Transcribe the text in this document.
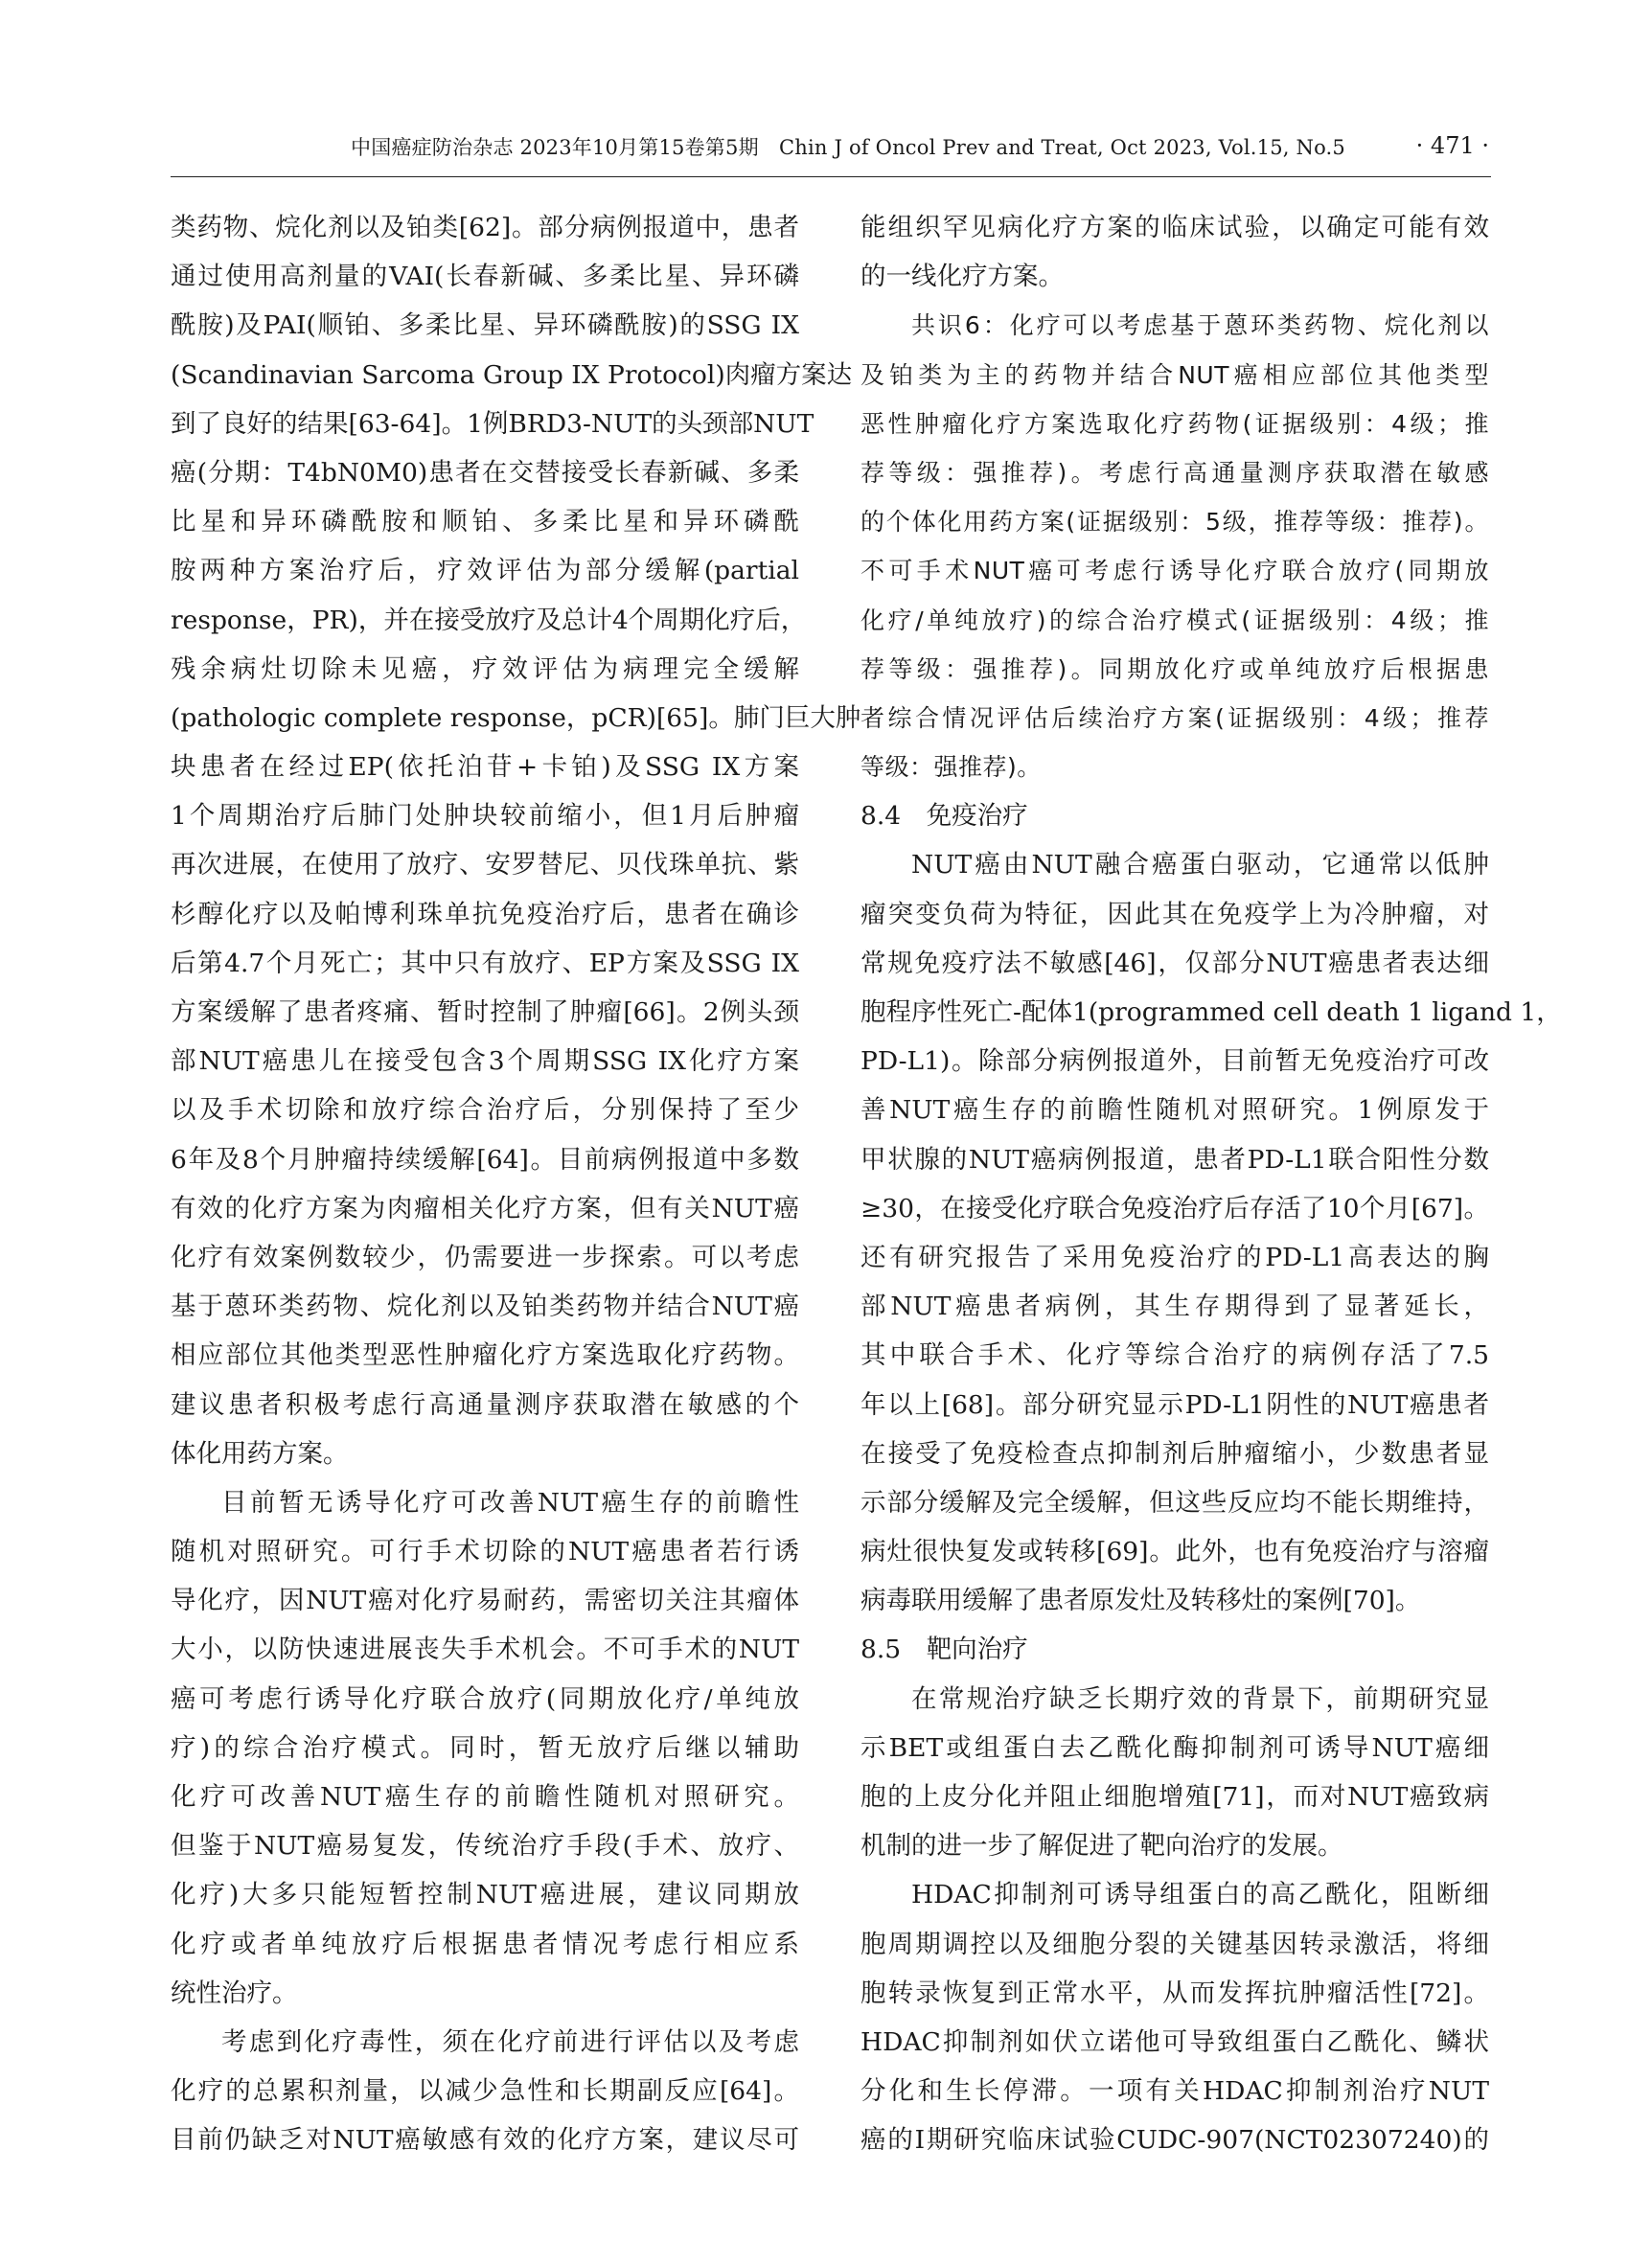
中国癌症防治杂志 2023年10月第15卷第5期　Chin J of Oncol Prev and Treat, Oct 2023, Vol.15, No.5	· 471 ·
类药物、烷化剂以及铂类[62]。部分病例报道中，患者
通过使用高剂量的VAI(长春新碱、多柔比星、异环磷
酰胺)及PAI(顺铂、多柔比星、异环磷酰胺)的SSG IX
(Scandinavian Sarcoma Group IX Protocol)肉瘤方案达
到了良好的结果[63-64]。1例BRD3-NUT的头颈部NUT
癌(分期：T4bN0M0)患者在交替接受长春新碱、多柔
比星和异环磷酰胺和顺铂、多柔比星和异环磷酰
胺两种方案治疗后，疗效评估为部分缓解(partial
response，PR)，并在接受放疗及总计4个周期化疗后，
残余病灶切除未见癌，疗效评估为病理完全缓解
(pathologic complete response，pCR)[65]。肺门巨大肿
块患者在经过EP(依托泊苷+卡铂)及SSG IX方案
1个周期治疗后肺门处肿块较前缩小，但1月后肿瘤
再次进展，在使用了放疗、安罗替尼、贝伐珠单抗、紫
杉醇化疗以及帕博利珠单抗免疫治疗后，患者在确诊
后第4.7个月死亡；其中只有放疗、EP方案及SSG IX
方案缓解了患者疼痛、暂时控制了肿瘤[66]。2例头颈
部NUT癌患儿在接受包含3个周期SSG IX化疗方案
以及手术切除和放疗综合治疗后，分别保持了至少
6年及8个月肿瘤持续缓解[64]。目前病例报道中多数
有效的化疗方案为肉瘤相关化疗方案，但有关NUT癌
化疗有效案例数较少，仍需要进一步探索。可以考虑
基于蒽环类药物、烷化剂以及铂类药物并结合NUT癌
相应部位其他类型恶性肿瘤化疗方案选取化疗药物。
建议患者积极考虑行高通量测序获取潜在敏感的个
体化用药方案。
目前暂无诱导化疗可改善NUT癌生存的前瞻性
随机对照研究。可行手术切除的NUT癌患者若行诱
导化疗，因NUT癌对化疗易耐药，需密切关注其瘤体
大小，以防快速进展丧失手术机会。不可手术的NUT
癌可考虑行诱导化疗联合放疗(同期放化疗/单纯放
疗)的综合治疗模式。同时，暂无放疗后继以辅助
化疗可改善NUT癌生存的前瞻性随机对照研究。
但鉴于NUT癌易复发，传统治疗手段(手术、放疗、
化疗)大多只能短暂控制NUT癌进展，建议同期放
化疗或者单纯放疗后根据患者情况考虑行相应系
统性治疗。
考虑到化疗毒性，须在化疗前进行评估以及考虑
化疗的总累积剂量，以减少急性和长期副反应[64]。
目前仍缺乏对NUT癌敏感有效的化疗方案，建议尽可
能组织罕见病化疗方案的临床试验，以确定可能有效
的一线化疗方案。
共识6：化疗可以考虑基于蒽环类药物、烷化剂以
及铂类为主的药物并结合NUT癌相应部位其他类型
恶性肿瘤化疗方案选取化疗药物(证据级别：4级；推
荐等级：强推荐)。考虑行高通量测序获取潜在敏感
的个体化用药方案(证据级别：5级，推荐等级：推荐)。
不可手术NUT癌可考虑行诱导化疗联合放疗(同期放
化疗/单纯放疗)的综合治疗模式(证据级别：4级；推
荐等级：强推荐)。同期放化疗或单纯放疗后根据患
者综合情况评估后续治疗方案(证据级别：4级；推荐
等级：强推荐)。
8.4　免疫治疗
NUT癌由NUT融合癌蛋白驱动，它通常以低肿
瘤突变负荷为特征，因此其在免疫学上为冷肿瘤，对
常规免疫疗法不敏感[46]，仅部分NUT癌患者表达细
胞程序性死亡-配体1(programmed cell death 1 ligand 1，
PD-L1)。除部分病例报道外，目前暂无免疫治疗可改
善NUT癌生存的前瞻性随机对照研究。1例原发于
甲状腺的NUT癌病例报道，患者PD-L1联合阳性分数
≥30，在接受化疗联合免疫治疗后存活了10个月[67]。
还有研究报告了采用免疫治疗的PD-L1高表达的胸
部NUT癌患者病例，其生存期得到了显著延长，
其中联合手术、化疗等综合治疗的病例存活了7.5
年以上[68]。部分研究显示PD-L1阴性的NUT癌患者
在接受了免疫检查点抑制剂后肿瘤缩小，少数患者显
示部分缓解及完全缓解，但这些反应均不能长期维持，
病灶很快复发或转移[69]。此外，也有免疫治疗与溶瘤
病毒联用缓解了患者原发灶及转移灶的案例[70]。
8.5　靶向治疗
在常规治疗缺乏长期疗效的背景下，前期研究显
示BET或组蛋白去乙酰化酶抑制剂可诱导NUT癌细
胞的上皮分化并阻止细胞增殖[71]，而对NUT癌致病
机制的进一步了解促进了靶向治疗的发展。
HDAC抑制剂可诱导组蛋白的高乙酰化，阻断细
胞周期调控以及细胞分裂的关键基因转录激活，将细
胞转录恢复到正常水平，从而发挥抗肿瘤活性[72]。
HDAC抑制剂如伏立诺他可导致组蛋白乙酰化、鳞状
分化和生长停滞。一项有关HDAC抑制剂治疗NUT
癌的Ⅰ期研究临床试验CUDC-907(NCT02307240)的
